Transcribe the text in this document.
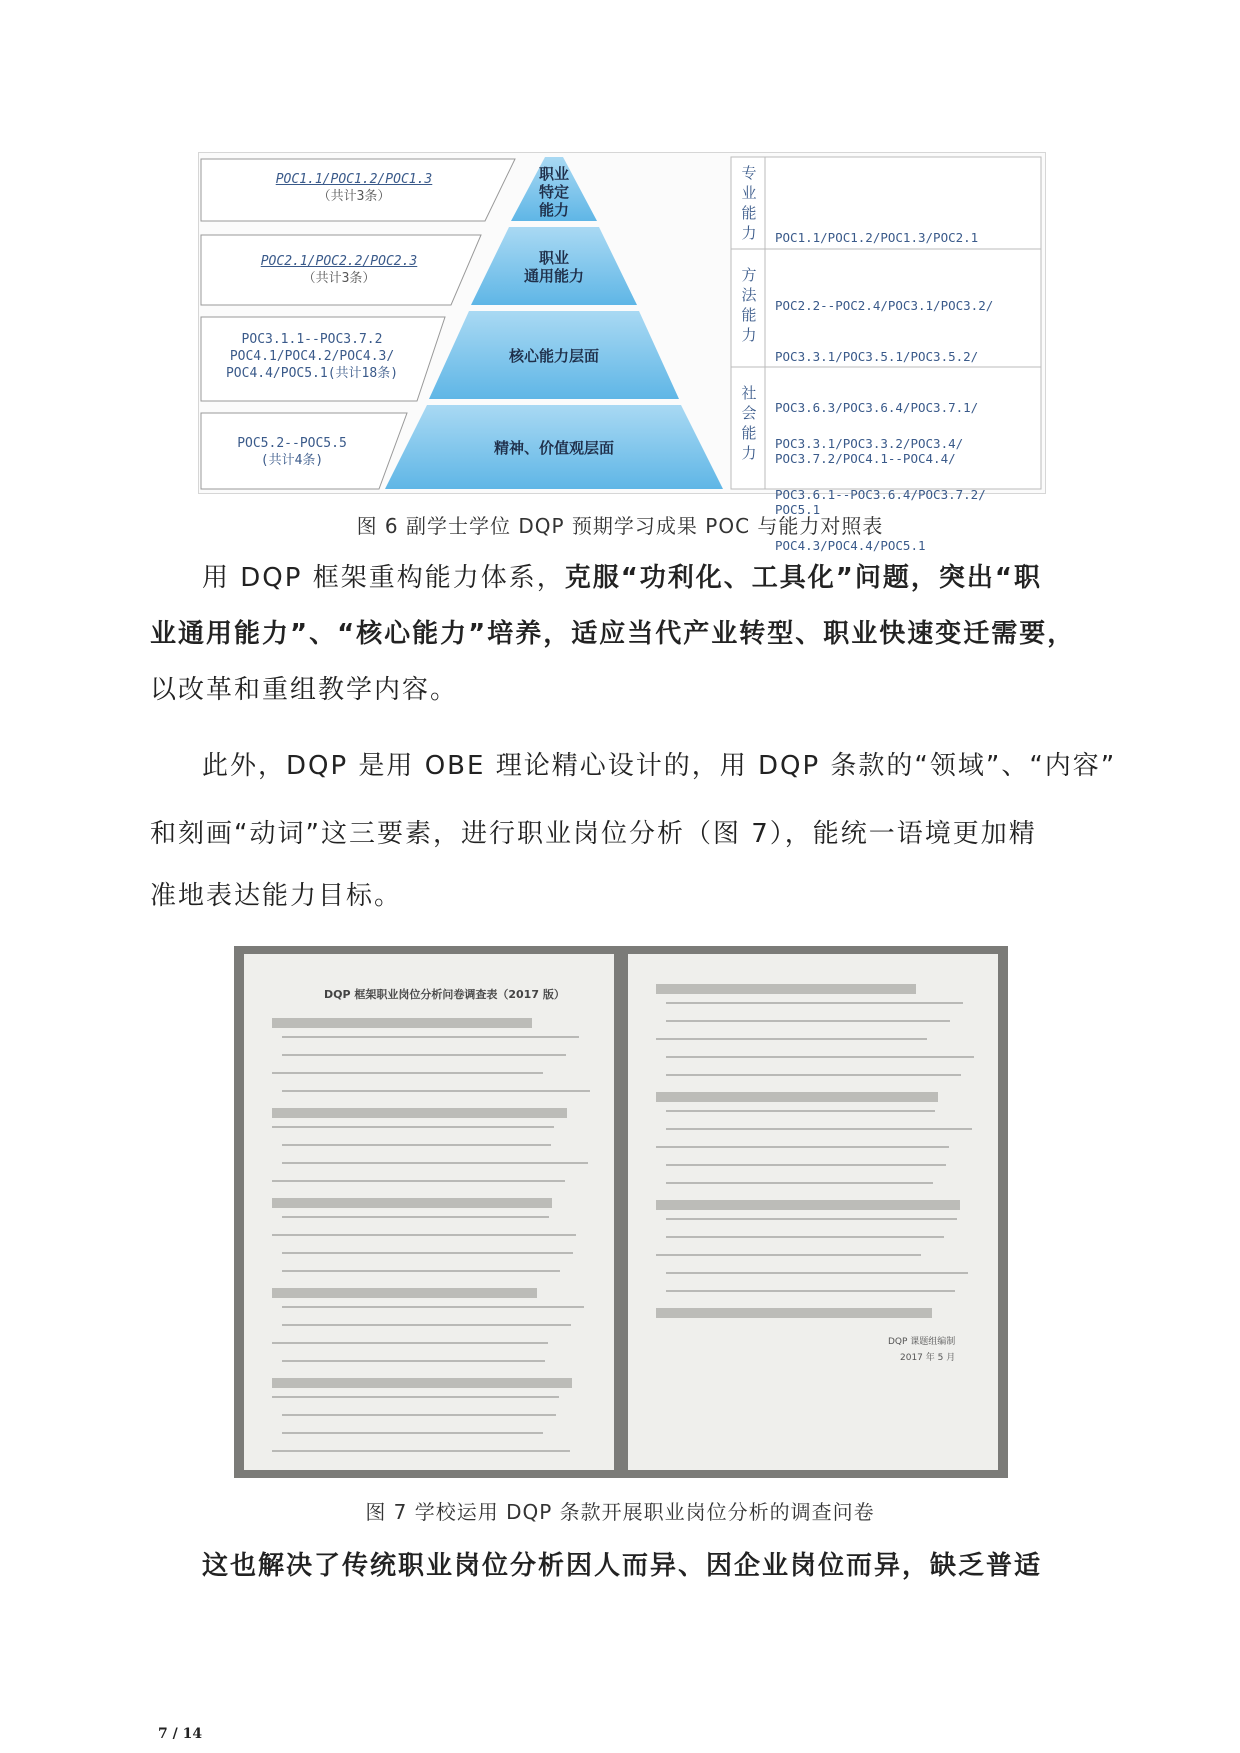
POC1.1/POC1.2/POC1.3
（共计3条）
POC2.1/POC2.2/POC2.3
（共计3条）
POC3.1.1--POC3.7.2
POC4.1/POC4.2/POC4.3/
POC4.4/POC5.1(共计18条)
POC5.2--POC5.5
(共计4条)
职业
特定
能力
职业
通用能力
核心能力层面
精神、价值观层面
专
业
能
力
方
法
能
力
社
会
能
力

POC1.1/POC1.2/POC1.3/POC2.1

POC2.2--POC2.4/POC3.1/POC3.2/

POC3.3.1/POC3.5.1/POC3.5.2/

POC3.6.3/POC3.6.4/POC3.7.1/

POC3.7.2/POC4.1--POC4.4/

POC5.1

POC3.3.1/POC3.3.2/POC3.4/

POC3.6.1--POC3.6.4/POC3.7.2/

POC4.3/POC4.4/POC5.1

图 6 副学士学位 DQP 预期学习成果 POC 与能力对照表
用 DQP 框架重构能力体系，克服“功利化、工具化”问题，突出“职
业通用能力”、“核心能力”培养，适应当代产业转型、职业快速变迁需要，
以改革和重组教学内容。
此外，DQP 是用 OBE 理论精心设计的，用 DQP 条款的“领域”、“内容”
和刻画“动词”这三要素，进行职业岗位分析（图 7），能统一语境更加精
准地表达能力目标。
DQP 框架职业岗位分析问卷调查表（2017 版）
DQP 课题组编制
2017 年 5 月
图 7 学校运用 DQP 条款开展职业岗位分析的调查问卷
这也解决了传统职业岗位分析因人而异、因企业岗位而异，缺乏普适
7 / 14
